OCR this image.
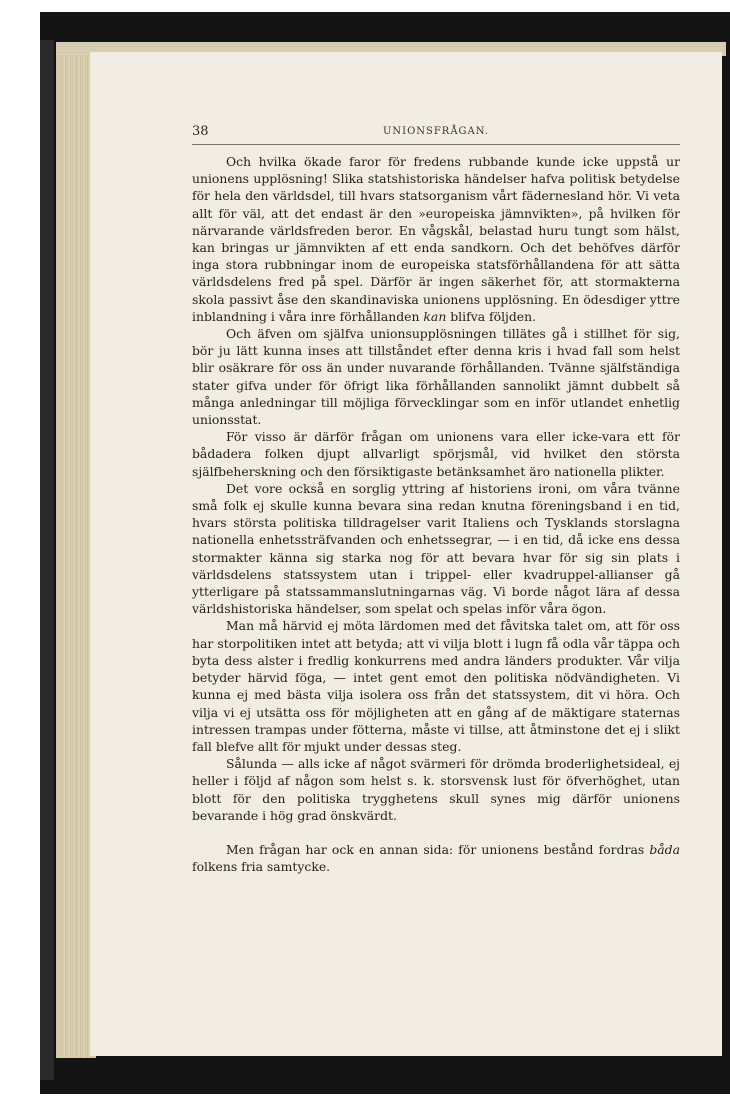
38	UNIONSFRÅGAN.

Och hvilka ökade faror för fredens rubbande kunde icke uppstå ur unionens upplösning! Slika statshistoriska händelser hafva politisk betydelse för hela den världsdel, till hvars statsorganism vårt fädernesland hör. Vi veta allt för väl, att det endast är den »europeiska jämnvikten», på hvilken för närvarande världsfreden beror. En vågskål, belastad huru tungt som hälst, kan bringas ur jämnvikten af ett enda sandkorn. Och det behöfves därför inga stora rubbningar inom de europeiska statsförhållandena för att sätta världsdelens fred på spel. Därför är ingen säkerhet för, att stormakterna skola passivt åse den skandinaviska unionens upplösning. En ödesdiger yttre inblandning i våra inre förhållanden kan blifva följden.

Och äfven om själfva unionsupplösningen tillätes gå i stillhet för sig, bör ju lätt kunna inses att tillståndet efter denna kris i hvad fall som helst blir osäkrare för oss än under nuvarande förhållanden. Tvänne själfständiga stater gifva under för öfrigt lika förhållanden sannolikt jämnt dubbelt så många anledningar till möjliga förvecklingar som en inför utlandet enhetlig unionsstat.

För visso är därför frågan om unionens vara eller icke-vara ett för bådadera folken djupt allvarligt spörjsmål, vid hvilket den största själfbeherskning och den försiktigaste betänksamhet äro nationella plikter.

Det vore också en sorglig yttring af historiens ironi, om våra tvänne små folk ej skulle kunna bevara sina redan knutna föreningsband i en tid, hvars största politiska tilldragelser varit Italiens och Tysklands storslagna nationella enhetssträfvanden och enhetssegrar, — i en tid, då icke ens dessa stormakter känna sig starka nog för att bevara hvar för sig sin plats i världsdelens statssystem utan i trippel- eller kvadruppel-allianser gå ytterligare på statssammanslutningarnas väg. Vi borde något lära af dessa världshistoriska händelser, som spelat och spelas inför våra ögon.

Man må härvid ej möta lärdomen med det fåvitska talet om, att för oss har storpolitiken intet att betyda; att vi vilja blott i lugn få odla vår täppa och byta dess alster i fredlig konkurrens med andra länders produkter. Vår vilja betyder härvid föga, — intet gent emot den politiska nödvändigheten. Vi kunna ej med bästa vilja isolera oss från det statssystem, dit vi höra. Och vilja vi ej utsätta oss för möjligheten att en gång af de mäktigare staternas intressen trampas under fötterna, måste vi tillse, att åtminstone det ej i slikt fall blefve allt för mjukt under dessas steg.

Sålunda — alls icke af något svärmeri för drömda broderlighetsideal, ej heller i följd af någon som helst s. k. storsvensk lust för öfverhöghet, utan blott för den politiska trygghetens skull synes mig därför unionens bevarande i hög grad önskvärdt.

Men frågan har ock en annan sida: för unionens bestånd fordras båda folkens fria samtycke.
